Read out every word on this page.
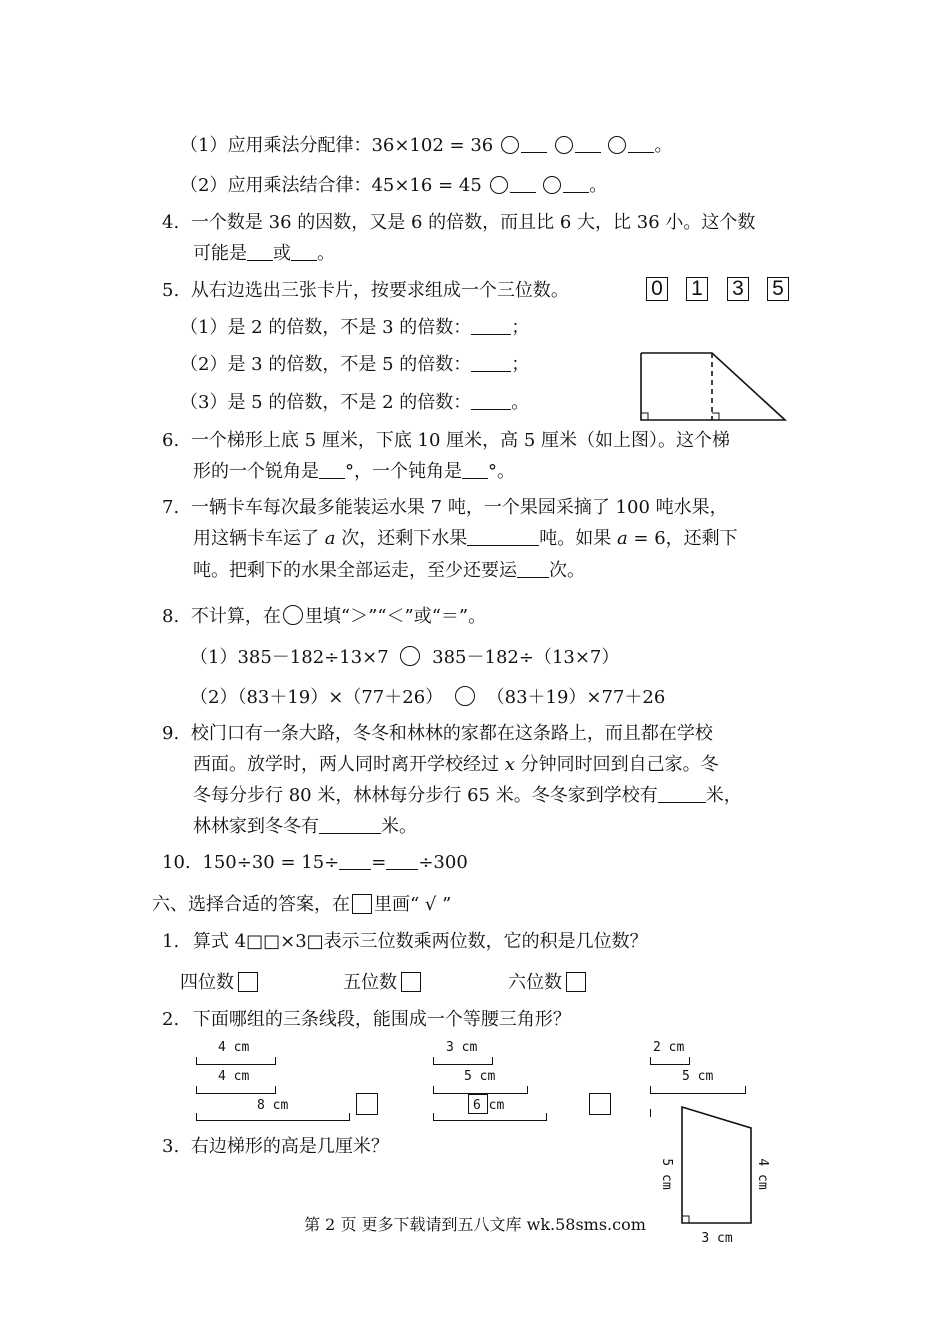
（1）应用乘法分配律：36×102 = 36	。
（2）应用乘法结合律：45×16 = 45	。
4. 一个数是 36 的因数，又是 6 的倍数，而且比 6 大，比 36 小。这个数
可能是 或 。
5. 从右边选出三张卡片，按要求组成一个三位数。	0 1 3 5
（1）是 2 的倍数，不是 3 的倍数： ；
（2）是 3 的倍数，不是 5 的倍数： ；
（3）是 5 的倍数，不是 2 的倍数： 。
6. 一个梯形上底 5 厘米，下底 10 厘米，高 5 厘米（如上图）。这个梯
形的一个锐角是 °，一个钝角是 °。
7. 一辆卡车每次最多能装运水果 7 吨，一个果园采摘了 100 吨水果，
用这辆卡车运了 a 次，还剩下水果	吨。如果 a = 6，还剩下
吨。把剩下的水果全部运走，至少还要运 次。
8. 不计算，在 里填“＞”“＜”或“＝”。
（1）385－182÷13×7 385－182÷（13×7）
（2）（83＋19）×（77＋26） （83＋19）×77＋26
9. 校门口有一条大路，冬冬和林林的家都在这条路上，而且都在学校
西面。放学时，两人同时离开学校经过 x 分钟同时回到自己家。冬
冬每分步行 80 米，林林每分步行 65 米。冬冬家到学校有	米，
林林家到冬冬有	米。
10. 150÷30 = 15÷ = ÷300
六、选择合适的答案，在 里画“ √ ”
1. 算式 4□□×3□表示三位数乘两位数，它的积是几位数？
四位数	五位数	六位数
2. 下面哪组的三条线段，能围成一个等腰三角形？
4 cm
4 cm
8 cm
3 cm
5 cm
6 cm
2 cm
5 cm
3. 右边梯形的高是几厘米？
5 cm	4 cm
3 cm
第 2 页 更多下载请到五八文库 wk.58sms.com
